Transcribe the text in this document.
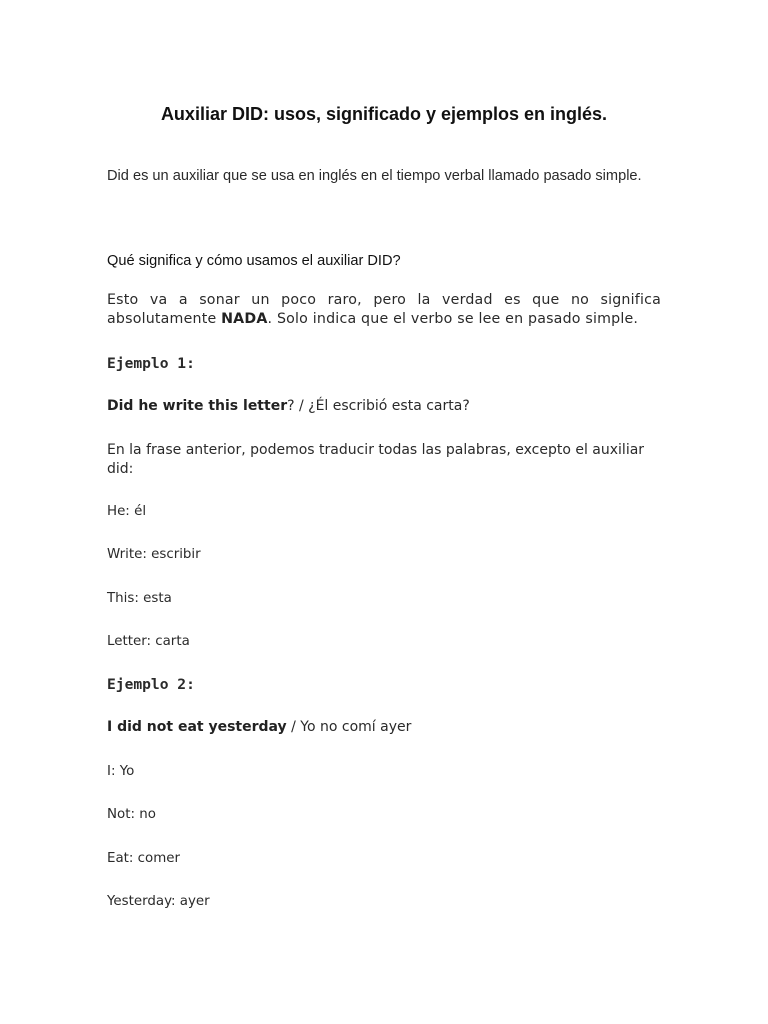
Auxiliar DID: usos, significado y ejemplos en inglés.

Did es un auxiliar que se usa en inglés en el tiempo verbal llamado pasado simple.

Qué significa y cómo usamos el auxiliar DID?

Esto va a sonar un poco raro, pero la verdad es que no significa absolutamente NADA. Solo indica que el verbo se lee en pasado simple.

Ejemplo 1:

Did he write this letter? / ¿Él escribió esta carta?

En la frase anterior, podemos traducir todas las palabras, excepto el auxiliar did:

He: él

Write: escribir

This: esta

Letter: carta

Ejemplo 2:

I did not eat yesterday / Yo no comí ayer

I: Yo

Not: no

Eat: comer

Yesterday: ayer
